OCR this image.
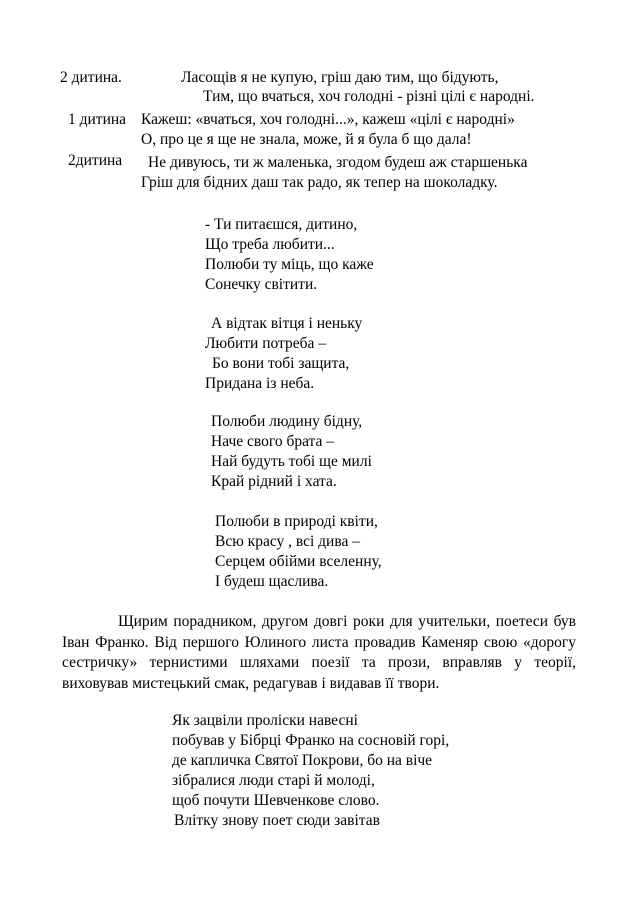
2 дитина.	Ласощів я не купую, гріш даю тим, що бідують,
Тим, що вчаться, хоч голодні - різні цілі є народні.
1 дитина Кажеш: «вчаться, хоч голодні...», кажеш «цілі є народні»
О, про це я ще не знала, може, й я була б що дала!
2дитина Не дивуюсь, ти ж маленька, згодом будеш аж старшенька
Гріш для бідних даш так радо, як тепер на шоколадку.
- Ти питаєшся, дитино,
Що треба любити...
Полюби ту міць, що каже
Сонечку світити.
А відтак вітця і неньку
Любити потреба –
Бо вони тобі защита,
Придана із неба.
Полюби людину бідну,
Наче свого брата –
Най будуть тобі ще милі
Край рідний і хата.
Полюби в природі квіти,
Всю красу , всі дива –
Серцем обійми вселенну,
І будеш щаслива.
Щирим порадником, другом довгі роки для учительки, поетеси був Іван Франко. Від першого Юлиного листа провадив Каменяр свою «дорогу сестричку» тернистими шляхами поезії та прози, вправляв у теорії, виховував мистецький смак, редагував і видавав її твори.
Як зацвіли проліски навесні
побував у Бібрці Франко на сосновій горі,
де капличка Святої Покрови, бо на віче
зібралися люди старі й молоді,
щоб почути Шевченкове слово.
Влітку знову поет сюди завітав
